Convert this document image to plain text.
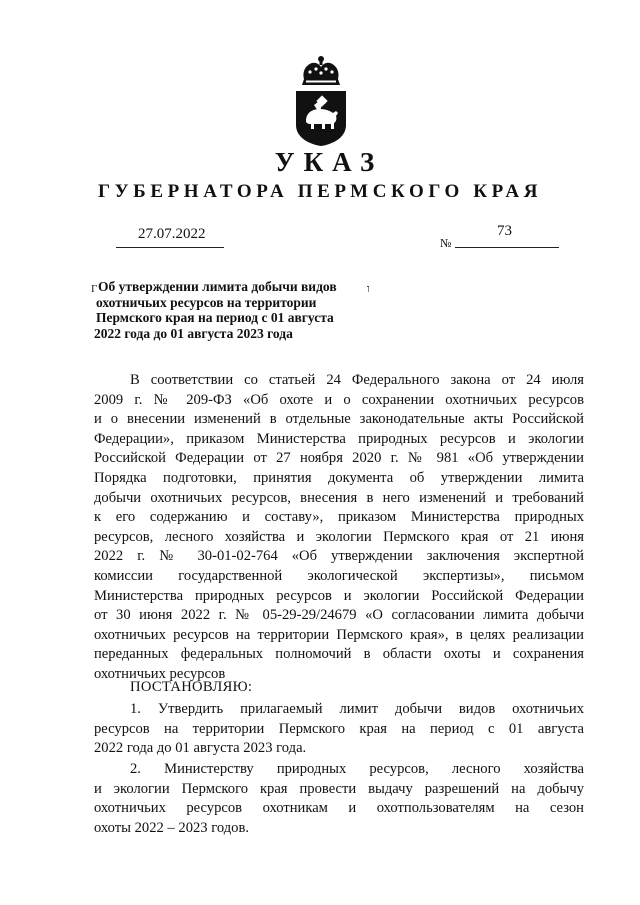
УКАЗ
ГУБЕРНАТОРА ПЕРМСКОГО КРАЯ
27.07.2022
№
73
Г	ו
Об утверждении лимита добычи видов
охотничьих ресурсов на территории
Пермского края на период с 01 августа
2022 года до 01 августа 2023 года
В соответствии со статьей 24 Федерального закона от 24 июля
2009 г. № 209-ФЗ «Об охоте и о сохранении охотничьих ресурсов
и о внесении изменений в отдельные законодательные акты Российской
Федерации», приказом Министерства природных ресурсов и экологии
Российской Федерации от 27 ноября 2020 г. № 981 «Об утверждении
Порядка подготовки, принятия документа об утверждении лимита
добычи охотничьих ресурсов, внесения в него изменений и требований
к его содержанию и составу», приказом Министерства природных
ресурсов, лесного хозяйства и экологии Пермского края от 21 июня
2022 г. № 30-01-02-764 «Об утверждении заключения экспертной
комиссии государственной экологической экспертизы», письмом
Министерства природных ресурсов и экологии Российской Федерации
от 30 июня 2022 г. № 05-29-29/24679 «О согласовании лимита добычи
охотничьих ресурсов на территории Пермского края», в целях реализации
переданных федеральных полномочий в области охоты и сохранения
охотничьих ресурсов
ПОСТАНОВЛЯЮ:
1. Утвердить прилагаемый лимит добычи видов охотничьих
ресурсов на территории Пермского края на период с 01 августа
2022 года до 01 августа 2023 года.
2. Министерству природных ресурсов, лесного хозяйства
и экологии Пермского края провести выдачу разрешений на добычу
охотничьих ресурсов охотникам и охотпользователям на сезон
охоты 2022 – 2023 годов.
